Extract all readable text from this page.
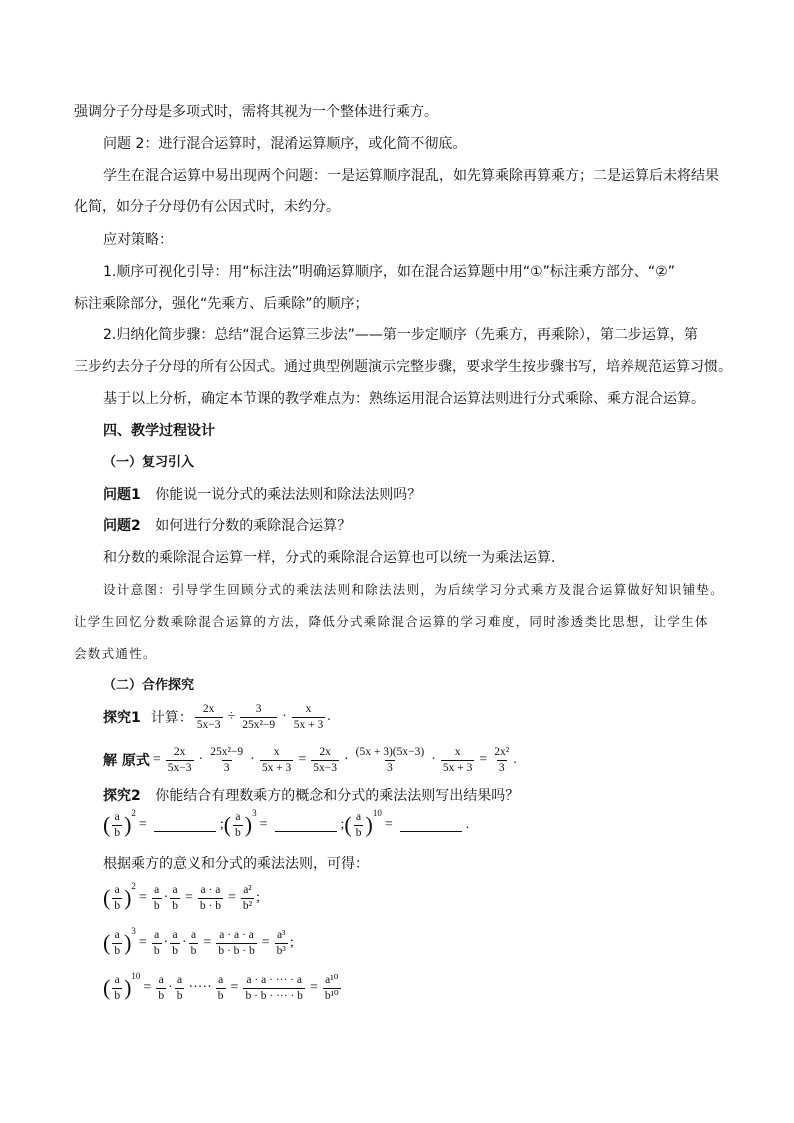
强调分子分母是多项式时，需将其视为一个整体进行乘方。
问题 2：进行混合运算时，混淆运算顺序，或化简不彻底。
学生在混合运算中易出现两个问题：一是运算顺序混乱，如先算乘除再算乘方；二是运算后未将结果
化简，如分子分母仍有公因式时，未约分。
应对策略：
1.顺序可视化引导：用“标注法”明确运算顺序，如在混合运算题中用“①”标注乘方部分、“②”
标注乘除部分，强化“先乘方、后乘除”的顺序；
2.归纳化简步骤：总结“混合运算三步法”——第一步定顺序（先乘方，再乘除），第二步运算，第
三步约去分子分母的所有公因式。通过典型例题演示完整步骤，要求学生按步骤书写，培养规范运算习惯。
基于以上分析，确定本节课的教学难点为：熟练运用混合运算法则进行分式乘除、乘方混合运算。
四、教学过程设计
（一）复习引入
问题1 你能说一说分式的乘法法则和除法法则吗？
问题2 如何进行分数的乘除混合运算？
和分数的乘除混合运算一样，分式的乘除混合运算也可以统一为乘法运算．
设计意图：引导学生回顾分式的乘法法则和除法法则，为后续学习分式乘方及混合运算做好知识铺垫。
让学生回忆分数乘除混合运算的方法，降低分式乘除混合运算的学习难度，同时渗透类比思想，让学生体
会数式通性。
（二）合作探究
探究1 计算： $\frac{2x}{5x-3} \div \frac{3}{\text{25x²−9}} \cdot \frac{x}{5x + 3}$ .
解 原式 = $\frac{2x}{5x-3} \cdot \frac{\text{25x²−9}}{3} \cdot \frac{x}{5x + 3} = \frac{2x}{5x-3} \cdot \frac{(5x + 3)(5x-3)}{3} \cdot \frac{x}{5x + 3} = \frac{\text{2x²}}{3}$ .
探究2 你能结合有理数乘方的概念和分式的乘法法则写出结果吗？
( $\frac{a}{b} )^2$
=	; ( $\frac{a}{b} )^3$
=	; ( $\frac{a}{b} )^{10}$
=	.
根据乘方的意义和分式的乘法法则，可得：
( $\frac{a}{b} )^2$
= $\frac{a}{b} \cdot \frac{a}{b} = \frac{a \cdot a}{b \cdot b} = \frac{\text{a²}}{\text{b²}}$ ;
( $\frac{a}{b} )^3$
= $\frac{a}{b} \cdot \frac{a}{b} \cdot \frac{a}{b} = \frac{a \cdot a \cdot a}{b \cdot b \cdot b} = \frac{\text{a³}}{\text{b³}}$ ;
( $\frac{a}{b} )^{10}$
= $\frac{a}{b} \cdot \frac{a}{b}$ ····· $\frac{a}{b} = \frac{a \cdot a \cdot \cdot\cdot\cdot \cdot a}{b \cdot b \cdot \cdot\cdot\cdot \cdot b} = \frac{\text{a¹⁰}}{\text{b¹⁰}}$
